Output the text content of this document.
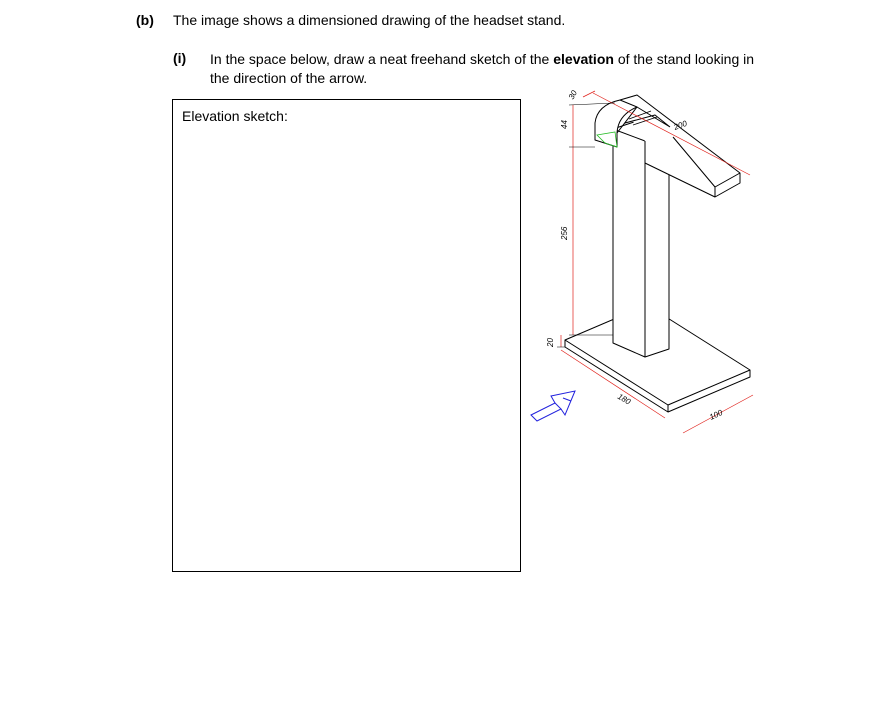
(b) The image shows a dimensioned drawing of the headset stand.
(i) In the space below, draw a neat freehand sketch of the elevation of the stand looking in the direction of the arrow.
Elevation sketch:
30
44	200
256
20
180
100
